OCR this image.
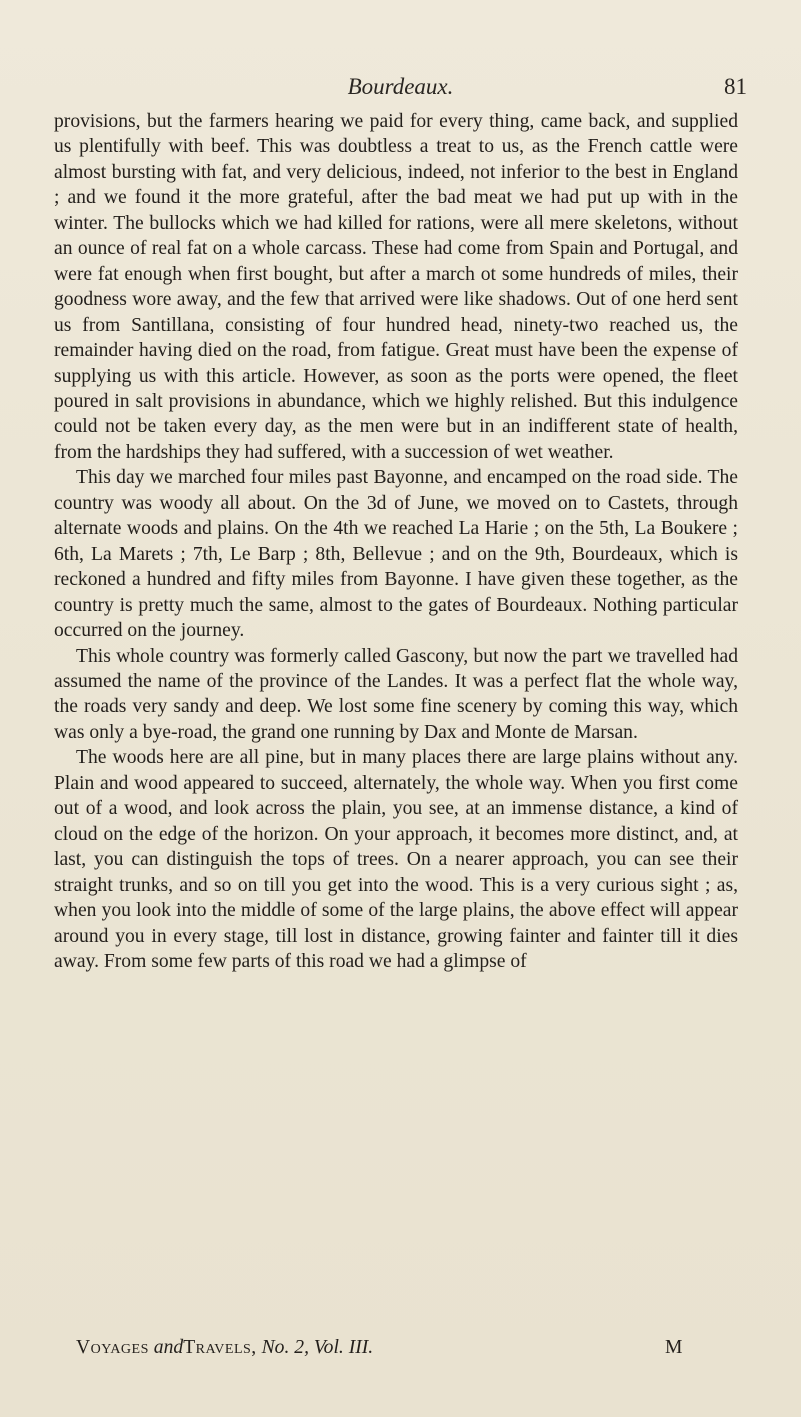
Bourdeaux.	81

provisions, but the farmers hearing we paid for every thing, came back, and supplied us plentifully with beef. This was doubtless a treat to us, as the French cattle were almost bursting with fat, and very delicious, indeed, not inferior to the best in England ; and we found it the more grateful, after the bad meat we had put up with in the winter. The bullocks which we had killed for rations, were all mere skeletons, without an ounce of real fat on a whole carcass. These had come from Spain and Portugal, and were fat enough when first bought, but after a march ot some hundreds of miles, their goodness wore away, and the few that arrived were like shadows. Out of one herd sent us from Santillana, consisting of four hundred head, ninety-two reached us, the remainder having died on the road, from fatigue. Great must have been the expense of supplying us with this article. However, as soon as the ports were opened, the fleet poured in salt provisions in abundance, which we highly relished. But this indulgence could not be taken every day, as the men were but in an indifferent state of health, from the hardships they had suffered, with a succession of wet weather.

This day we marched four miles past Bayonne, and encamped on the road side. The country was woody all about. On the 3d of June, we moved on to Castets, through alternate woods and plains. On the 4th we reached La Harie ; on the 5th, La Boukere ; 6th, La Marets ; 7th, Le Barp ; 8th, Bellevue ; and on the 9th, Bourdeaux, which is reckoned a hundred and fifty miles from Bayonne. I have given these together, as the country is pretty much the same, almost to the gates of Bourdeaux. Nothing particular occurred on the journey.

This whole country was formerly called Gascony, but now the part we travelled had assumed the name of the province of the Landes. It was a perfect flat the whole way, the roads very sandy and deep. We lost some fine scenery by coming this way, which was only a bye-road, the grand one running by Dax and Monte de Marsan.

The woods here are all pine, but in many places there are large plains without any. Plain and wood appeared to succeed, alternately, the whole way. When you first come out of a wood, and look across the plain, you see, at an immense distance, a kind of cloud on the edge of the horizon. On your approach, it becomes more distinct, and, at last, you can distinguish the tops of trees. On a nearer approach, you can see their straight trunks, and so on till you get into the wood. This is a very curious sight ; as, when you look into the middle of some of the large plains, the above effect will appear around you in every stage, till lost in distance, growing fainter and fainter till it dies away. From some few parts of this road we had a glimpse of

Voyages andTravels, No. 2, Vol. III.	M
